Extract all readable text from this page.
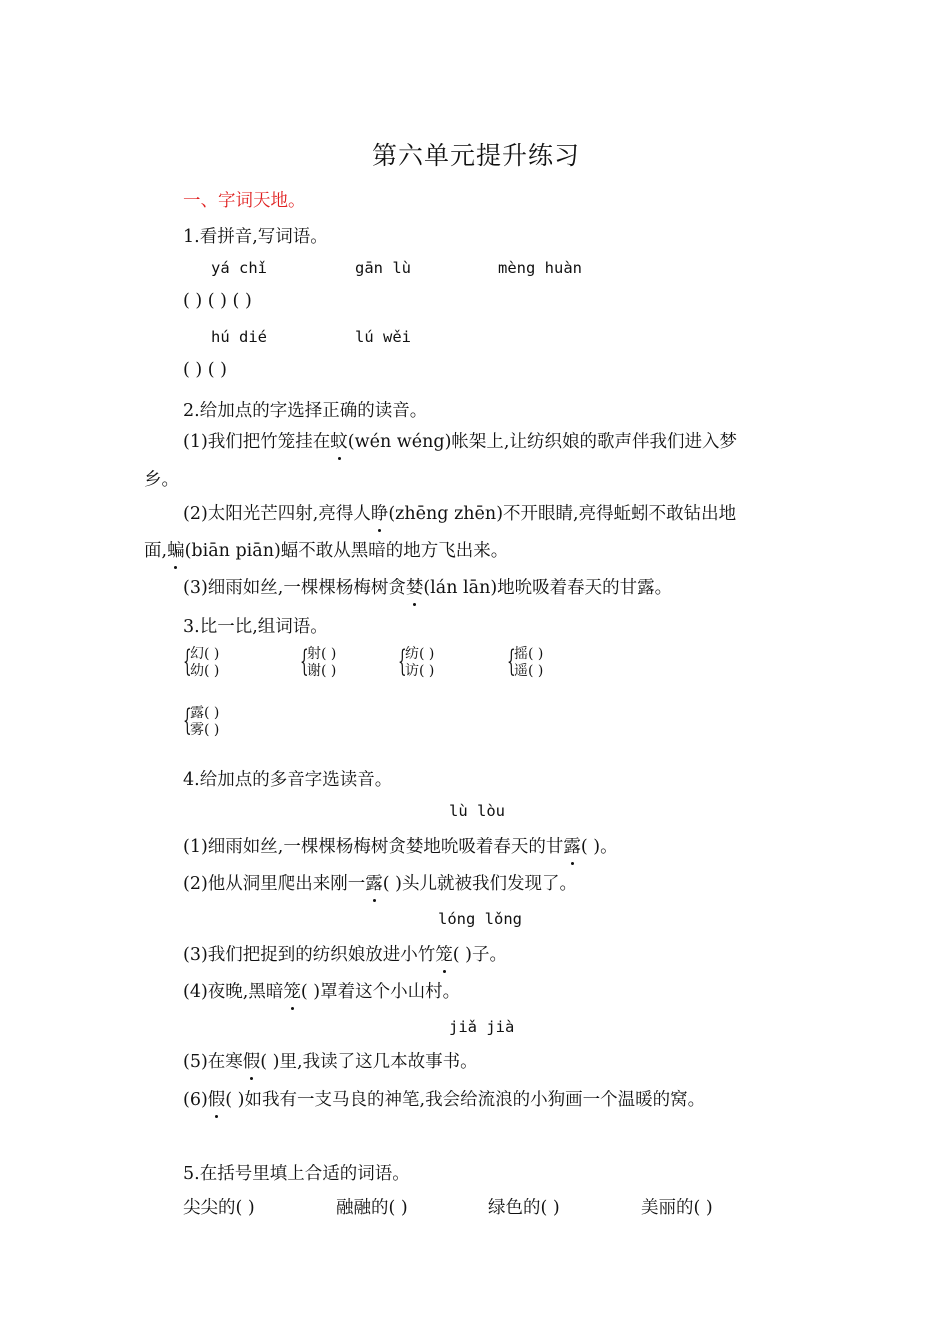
第六单元提升练习
一、字词天地。
1.看拼音,写词语。
yá chǐ	gān lù	mèng huàn
( ) ( ) ( )
hú dié	lú wěi
( ) ( )
2.给加点的字选择正确的读音。
(1)我们把竹笼挂在蚊(wén wéng)帐架上,让纺织娘的歌声伴我们进入梦
乡。
(2)太阳光芒四射,亮得人睁(zhēng zhēn)不开眼睛,亮得蚯蚓不敢钻出地
面,蝙(biān piān)蝠不敢从黑暗的地方飞出来。
(3)细雨如丝,一棵棵杨梅树贪婪(lán lān)地吮吸着春天的甘露。
3.比一比,组词语。
{
幻( )
幼( )	{
射( )
谢( ) {
纺( )
访( ) {
摇( )
遥( )
{
露( )
雾( )
4.给加点的多音字选读音。
lù lòu
(1)细雨如丝,一棵棵杨梅树贪婪地吮吸着春天的甘露( )。
(2)他从洞里爬出来刚一露( )头儿就被我们发现了。
lóng lǒng
(3)我们把捉到的纺织娘放进小竹笼( )子。
(4)夜晚,黑暗笼( )罩着这个小山村。
jiǎ jià
(5)在寒假( )里,我读了这几本故事书。
(6)假( )如我有一支马良的神笔,我会给流浪的小狗画一个温暖的窝。
5.在括号里填上合适的词语。
尖尖的( )	融融的( )	绿色的( )	美丽的( )
